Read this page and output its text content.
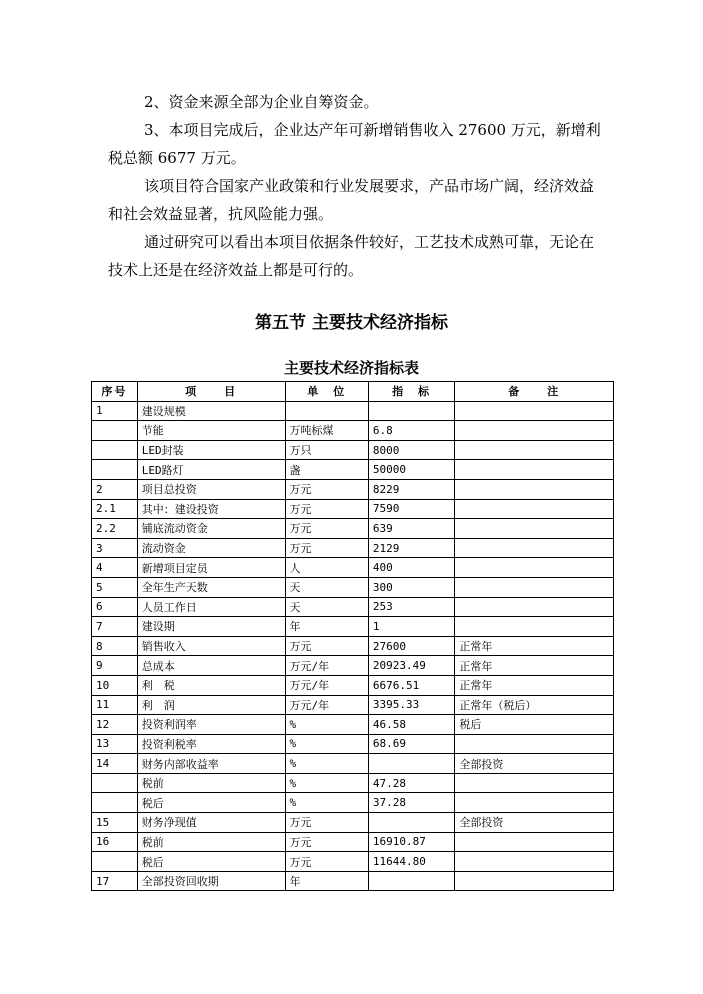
2、资金来源全部为企业自筹资金。

3、本项目完成后，企业达产年可新增销售收入 27600 万元，新增利税总额 6677 万元。

该项目符合国家产业政策和行业发展要求，产品市场广阔，经济效益和社会效益显著，抗风险能力强。

通过研究可以看出本项目依据条件较好，工艺技术成熟可靠，无论在技术上还是在经济效益上都是可行的。

第五节 主要技术经济指标
主要技术经济指标表
序号	项　　目	单　位	指　标	备　　注
1	建设规模			
	节能	万吨标煤	6.8	
	LED封装	万只	8000	
	LED路灯	盏	50000	
2	项目总投资	万元	8229	
2.1	其中：建设投资	万元	7590	
2.2	铺底流动资金	万元	639	
3	流动资金	万元	2129	
4	新增项目定员	人	400	
5	全年生产天数	天	300	
6	人员工作日	天	253	
7	建设期	年	1	
8	销售收入	万元	27600	正常年
9	总成本	万元/年	20923.49	正常年
10	利　税	万元/年	6676.51	正常年
11	利　润	万元/年	3395.33	正常年（税后）
12	投资利润率	%	46.58	税后
13	投资利税率	%	68.69	
14	财务内部收益率	%		全部投资
	税前	%	47.28	
	税后	%	37.28	
15	财务净现值	万元		全部投资
16	税前	万元	16910.87	
	税后	万元	11644.80	
17	全部投资回收期	年		
